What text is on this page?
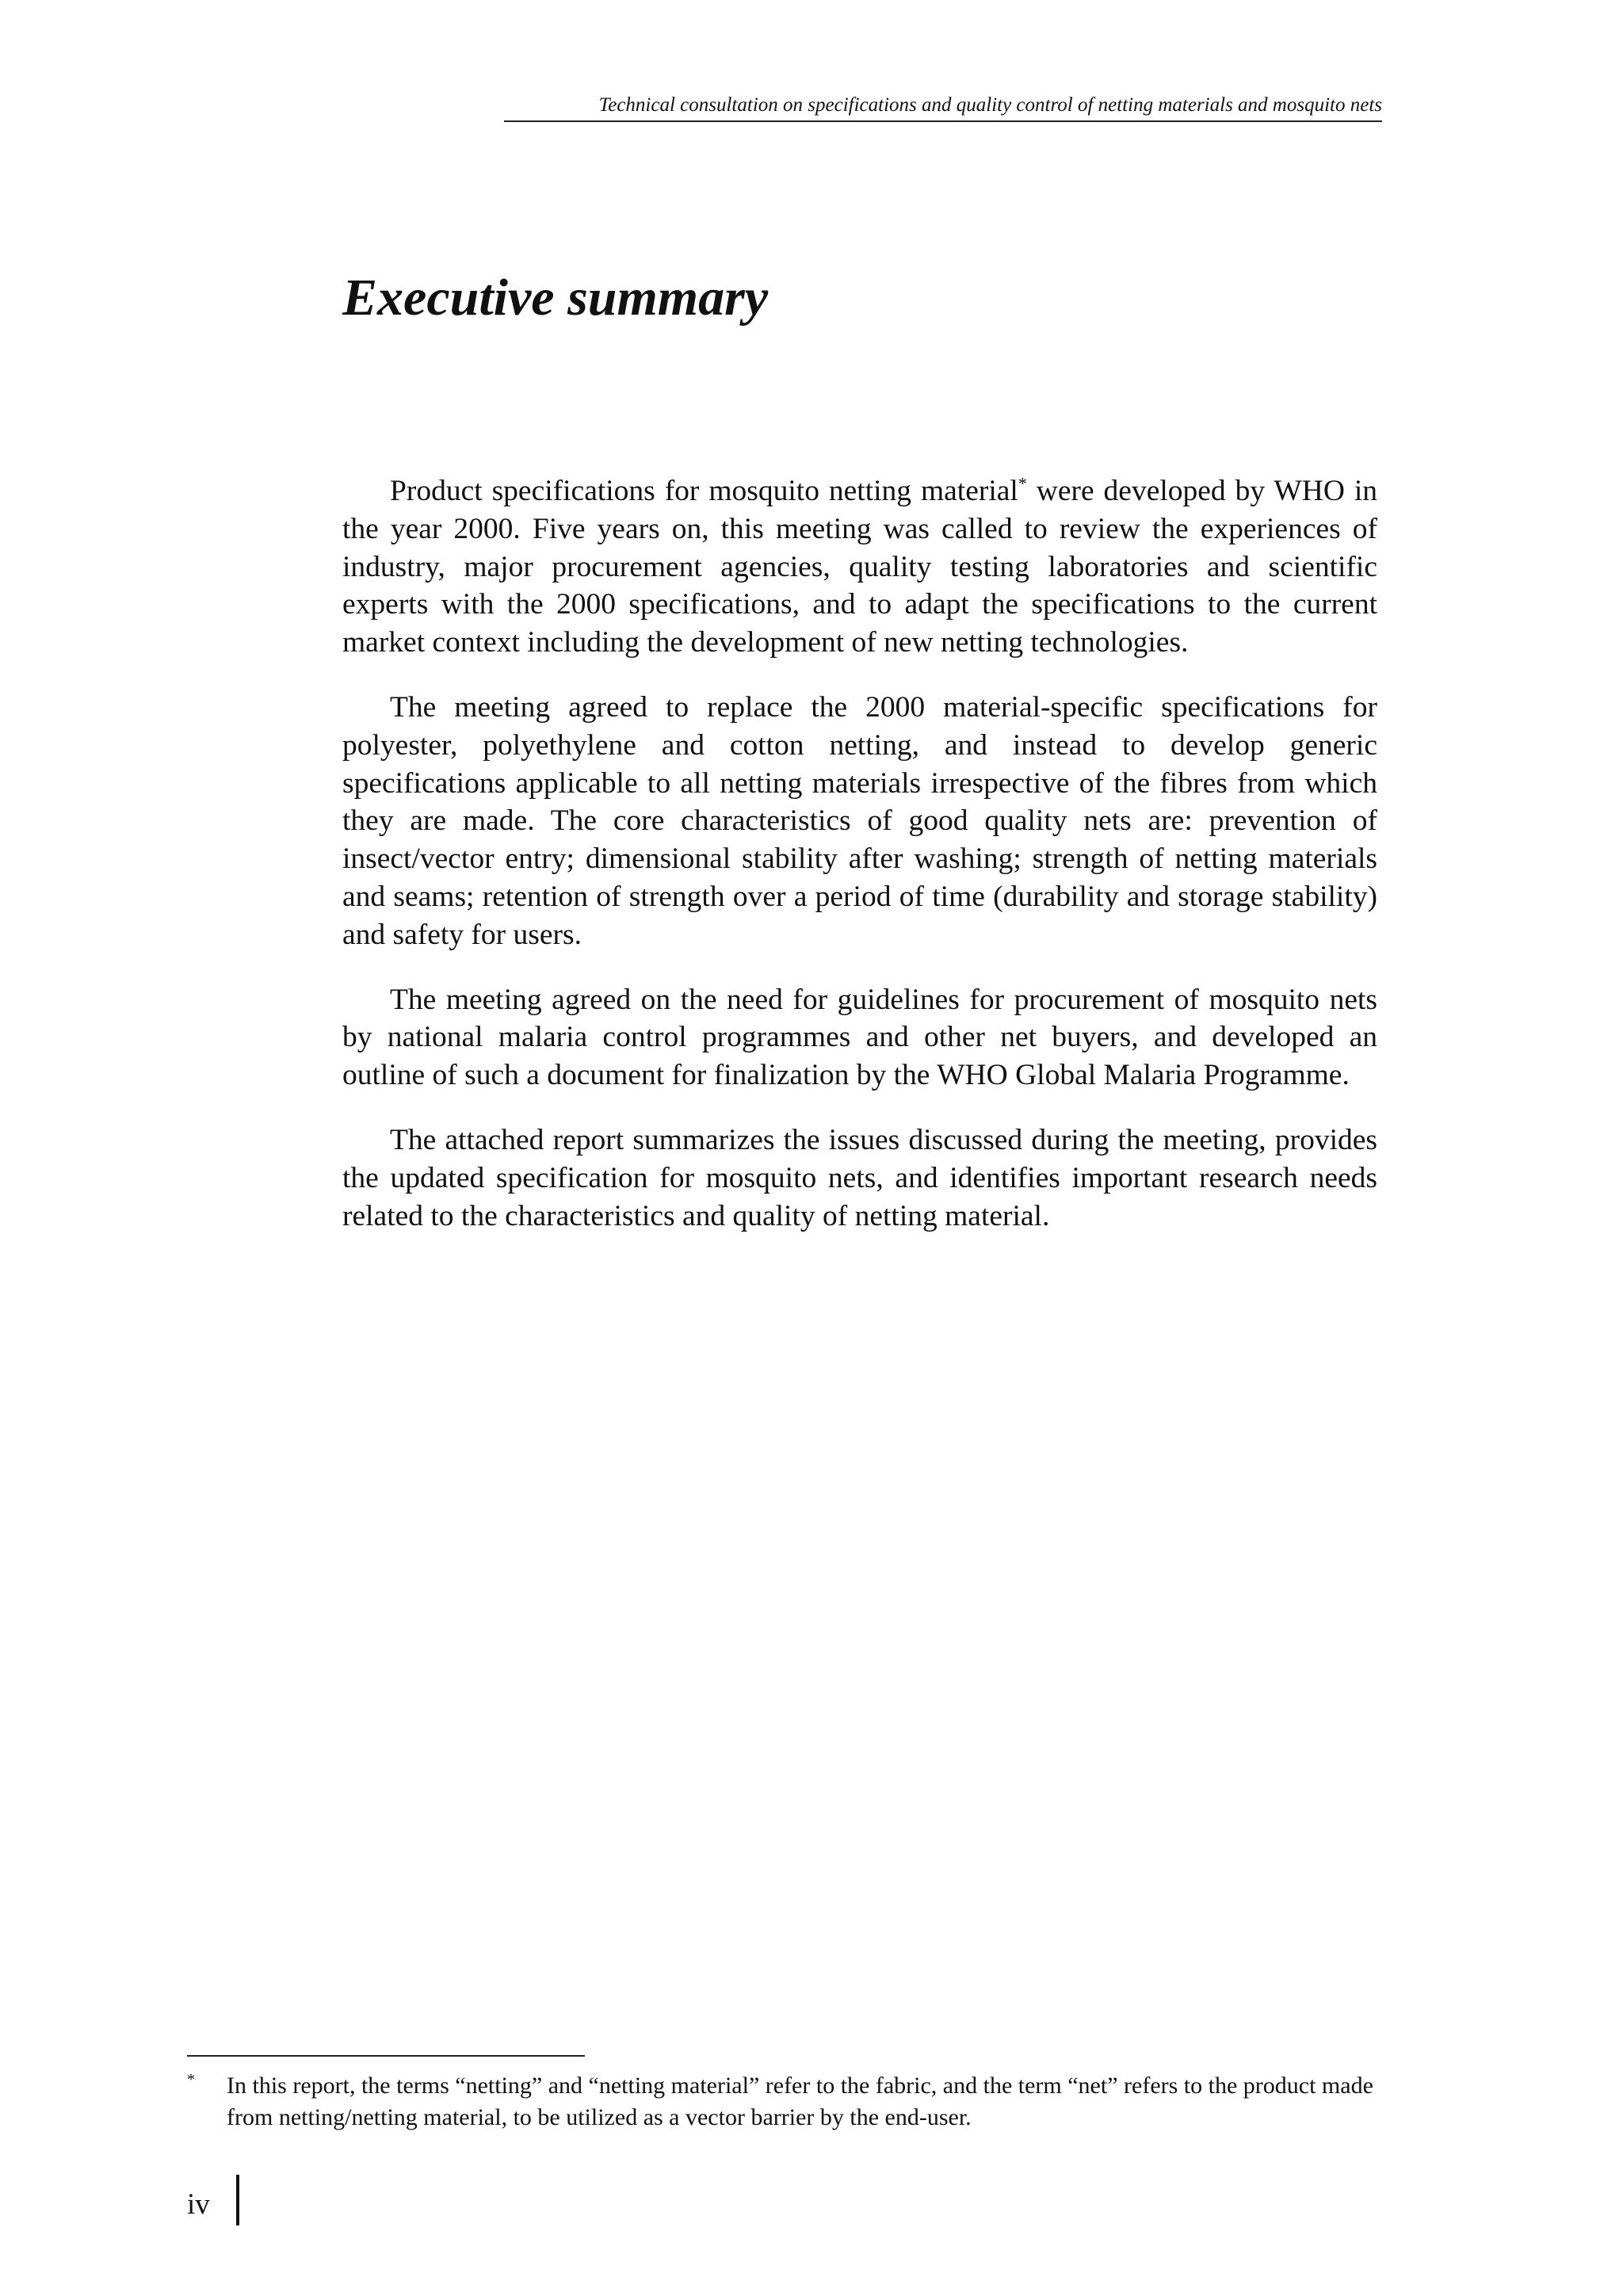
Technical consultation on specifications and quality control of netting materials and mosquito nets
Executive summary

Product specifications for mosquito netting material* were developed by WHO in the year 2000. Five years on, this meeting was called to review the experiences of industry, major procurement agencies, quality testing laboratories and scientific experts with the 2000 specifications, and to adapt the specifications to the current market context including the development of new netting technologies.

The meeting agreed to replace the 2000 material-specific specifications for polyester, polyethylene and cotton netting, and instead to develop generic specifications applicable to all netting materials irrespective of the fibres from which they are made. The core characteristics of good quality nets are: prevention of insect/vector entry; dimensional stability after washing; strength of netting materials and seams; retention of strength over a period of time (durability and storage stability) and safety for users.

The meeting agreed on the need for guidelines for procurement of mosquito nets by national malaria control programmes and other net buyers, and developed an outline of such a document for finalization by the WHO Global Malaria Programme.

The attached report summarizes the issues discussed during the meeting, provides the updated specification for mosquito nets, and identifies important research needs related to the characteristics and quality of netting material.

* In this report, the terms “netting” and “netting material” refer to the fabric, and the term “net” refers to the product made from netting/netting material, to be utilized as a vector barrier by the end-user.
iv
